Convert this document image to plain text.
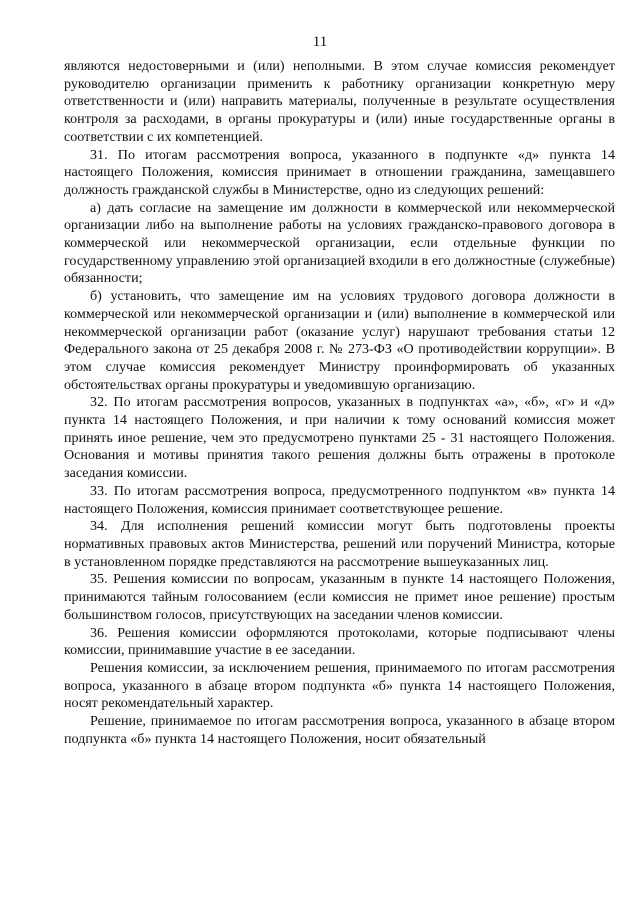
11

являются недостоверными и (или) неполными. В этом случае комиссия рекомендует руководителю организации применить к работнику организации конкретную меру ответственности и (или) направить материалы, полученные в результате осуществления контроля за расходами, в органы прокуратуры и (или) иные государственные органы в соответствии с их компетенцией.

31. По итогам рассмотрения вопроса, указанного в подпункте «д» пункта 14 настоящего Положения, комиссия принимает в отношении гражданина, замещавшего должность гражданской службы в Министерстве, одно из следующих решений:

а) дать согласие на замещение им должности в коммерческой или некоммерческой организации либо на выполнение работы на условиях гражданско-правового договора в коммерческой или некоммерческой организации, если отдельные функции по государственному управлению этой организацией входили в его должностные (служебные) обязанности;

б) установить, что замещение им на условиях трудового договора должности в коммерческой или некоммерческой организации и (или) выполнение в коммерческой или некоммерческой организации работ (оказание услуг) нарушают требования статьи 12 Федерального закона от 25 декабря 2008 г. № 273-ФЗ «О противодействии коррупции». В этом случае комиссия рекомендует Министру проинформировать об указанных обстоятельствах органы прокуратуры и уведомившую организацию.

32. По итогам рассмотрения вопросов, указанных в подпунктах «а», «б», «г» и «д» пункта 14 настоящего Положения, и при наличии к тому оснований комиссия может принять иное решение, чем это предусмотрено пунктами 25 - 31 настоящего Положения. Основания и мотивы принятия такого решения должны быть отражены в протоколе заседания комиссии.

33. По итогам рассмотрения вопроса, предусмотренного подпунктом «в» пункта 14 настоящего Положения, комиссия принимает соответствующее решение.

34. Для исполнения решений комиссии могут быть подготовлены проекты нормативных правовых актов Министерства, решений или поручений Министра, которые в установленном порядке представляются на рассмотрение вышеуказанных лиц.

35. Решения комиссии по вопросам, указанным в пункте 14 настоящего Положения, принимаются тайным голосованием (если комиссия не примет иное решение) простым большинством голосов, присутствующих на заседании членов комиссии.

36. Решения комиссии оформляются протоколами, которые подписывают члены комиссии, принимавшие участие в ее заседании.

Решения комиссии, за исключением решения, принимаемого по итогам рассмотрения вопроса, указанного в абзаце втором подпункта «б» пункта 14 настоящего Положения, носят рекомендательный характер.

Решение, принимаемое по итогам рассмотрения вопроса, указанного в абзаце втором подпункта «б» пункта 14 настоящего Положения, носит обязательный
